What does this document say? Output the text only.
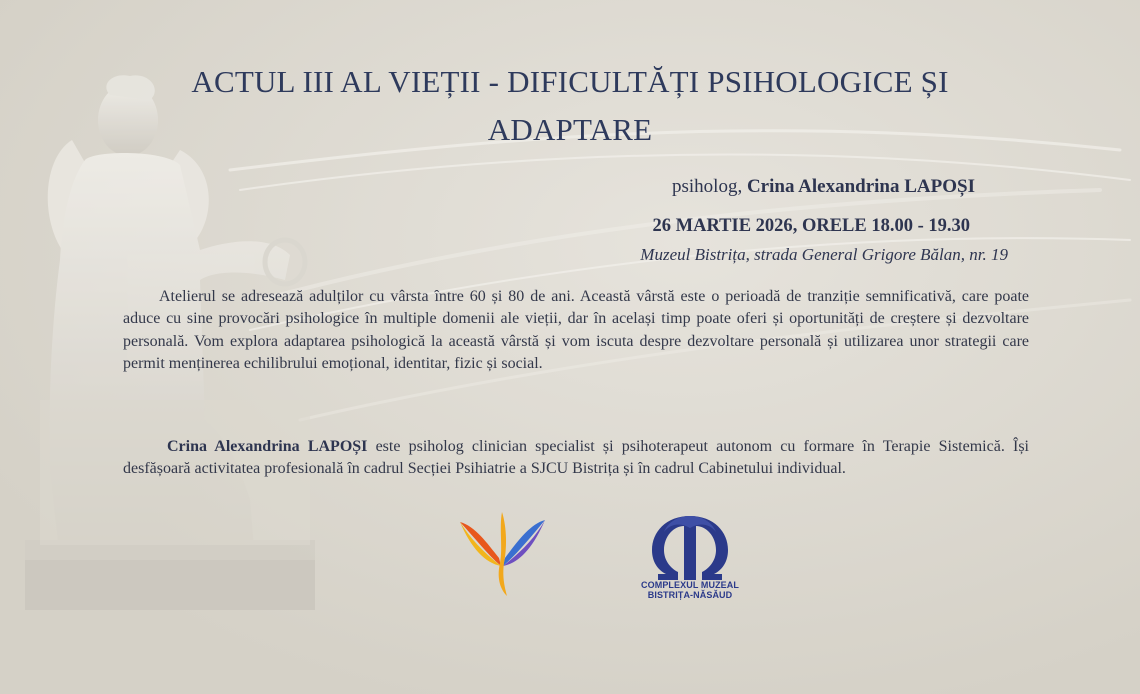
ACTUL III AL VIEȚII - DIFICULTĂȚI PSIHOLOGICE ȘI ADAPTARE
psiholog, Crina Alexandrina LAPOȘI
26 MARTIE 2026, ORELE 18.00 - 19.30
Muzeul Bistrița, strada General Grigore Bălan, nr. 19
Atelierul se adresează adulților cu vârsta între 60 și 80 de ani. Această vârstă este o perioadă de tranziție semnificativă, care poate aduce cu sine provocări psihologice în multiple domenii ale vieții, dar în același timp poate oferi și oportunități de creștere și dezvoltare personală. Vom explora adaptarea psihologică la această vârstă și vom iscuta despre dezvoltare personală și utilizarea unor strategii care permit menținerea echilibrului emoțional, identitar, fizic și social.
Crina Alexandrina LAPOȘI este psiholog clinician specialist și psihoterapeut autonom cu formare în Terapie Sistemică. Își desfășoară activitatea profesională în cadrul Secției Psihiatrie a SJCU Bistrița și în cadrul Cabinetului individual.
COMPLEXUL MUZEAL
BISTRIȚA-NĂSĂUD
